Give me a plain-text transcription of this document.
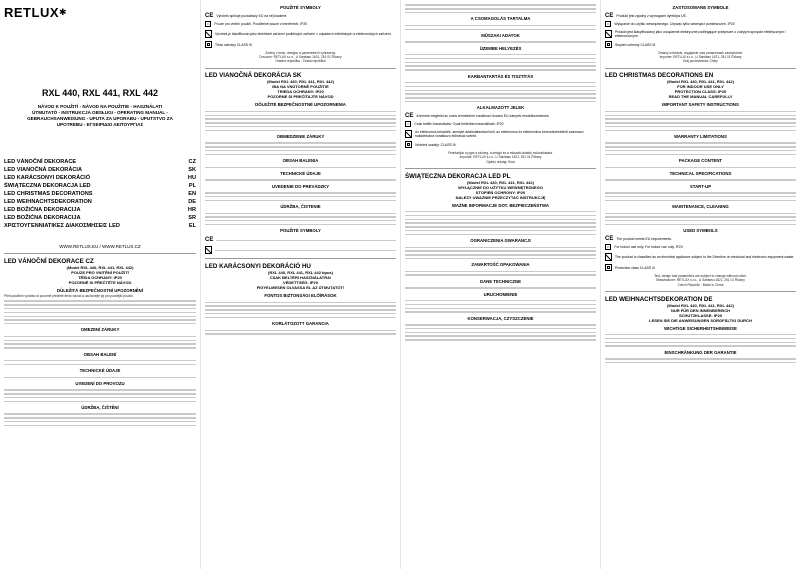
RETLUX✱
RXL 440, RXL 441, RXL 442
NÁVOD K POUŽITÍ - NÁVOD NA POUŽITIE - HASZNÁLATI
ÚTMUTATÓ - INSTRUKCJA OBSŁUGI - OPERATING MANUAL -
GEBRAUCHSANWEISUNG - UPUTA ZA UPORABU - UPUTSTVO ZA
UPOTREBU - ΕΓΧΕΙΡΙΔΙΟ ΛΕΙΤΟΥΡΓΙΑΣ
LED VÁNOČNÍ DEKORACE	CZ
LED VIANOČNÁ DEKORÁCIA	SK
LED KARÁCSONYI DEKORÁCIÓ	HU
ŚWIĄTECZNA DEKORACJA LED	PL
LED CHRISTMAS DECORATIONS	EN
LED WEIHNACHTSDEKORATION	DE
LED BOŽIĆNA DEKORACIJA	HR
LED BOŽIĆNA DEKORACIJA	SR
ΧΡΙΣΤΟΥΓΕΝΝΙΑΤΙΚΕΣ ΔΙΑΚΟΣΜΗΣΕΙΣ LED	EL
WWW.RETLUX.EU / WWW.RETLUX.CZ
LED VÁNOČNÍ DEKORACE CZ
(Model RXL 440, RXL 441, RXL 442)
POUZE PRO VNITŘNÍ POUŽITÍ
TŘÍDA OCHRANY: IP20
POZORNĚ SI PŘEČTĚTE NÁVOD
DŮLEŽITÁ BEZPEČNOSTNÍ UPOZORNĚNÍ
Před použitím výrobku si pozorně přečtěte tento návod a uschovejte jej pro pozdější použití.
OMEZENÍ ZÁRUKY
OBSAH BALENÍ
TECHNICKÉ ÚDAJE
UVEDENÍ DO PROVOZU
ÚDRŽBA, ČIŠTĚNÍ
POUŽITÉ SYMBOLY
CE Výrobek splňuje požadavky EU na něj kladené.
⌂	Pouze pro vnitřní použití. Použitelné pouze v interiérech. IP20
Výrobek je klasifikován jako elektrické zařízení podléhající zařízení v odpadech elektrických a elektronických zařízení.
Třída ochrany CLASS III
Změny v textu, designu a parametrech vyhrazeny.
Dovozce: RETLUX s.r.o., U Sanitasu 1621, 251 01 Říčany
Úradná republika - Česká republika
LED VIANOČNÁ DEKORÁCIA SK
(Model RXL 440, RXL 441, RXL 442)
IBA NA VNÚTORNÉ POUŽITIE
TRIEDA OCHRANY: IP20
POZORNE SI PREČÍTAJTE NÁVOD
DÔLEŽITÉ BEZPEČNOSTNÉ UPOZORNENIA
OBMEDZENIE ZÁRUKY
OBSAH BALENIA
TECHNICKÉ ÚDAJE
UVEDENIE DO PREVÁDZKY
ÚDRŽBA, ČISTENIE
POUŽITÉ SYMBOLY
CE
LED KARÁCSONYI DEKORÁCIÓ HU
(RXL 440, RXL 441, RXL 442 típus)
CSAK BELTÉRI HASZNÁLATRA!
VÉDETTSÉG: IP20
FIGYELMESEN OLVASSA EL AZ ÚTMUTATÓT!
FONTOS BIZTONSÁGI ELŐÍRÁSOK
KORLÁTOZOTT GARANCIA
A CSOMAGOLÁS TARTALMA
MŰSZAKI ADATOK
ÜZEMBE HELYEZÉS
KARBANTARTÁS ÉS TISZTÍTÁS
ALKALMAZOTT JELEK
CE A termék megfelel az uniós termékekre vonatkozó összes EU-irányelv rendelkezéseinek.
⌂	Csak beltéri használatra. Csak beltérben használható. IP20
Az elektromos készülék, amelyet ártalmatlanítani kell, az elektromos és elektronikus berendezésekből származó hulladékokra vonatkozó előírások szerint.
Védelmi osztály: CLASS III
Fenntartjuk a jogot a szöveg, a design és a műszaki adatok módosítására.
Importőr: RETLUX s.r.o., U Sanitasu 1621, 251 01 Říčany
Gyártó ország: Kína
ŚWIĄTECZNA DEKORACJA LED PL
(Model RXL 440, RXL 441, RXL 442)
WYŁĄCZNIE DO UŻYTKU WEWNĘTRZNEGO
STOPIEŃ OCHRONY: IP20
NALEŻY UWAŻNIE PRZECZYTAĆ INSTRUKCJĘ
WAŻNE INFORMACJE DOT. BEZPIECZEŃSTWA
OGRANICZENIA GWARANCJI
ZAWARTOŚĆ OPAKOWANIA
DANE TECHNICZNE
URUCHOMIENIE
KONSERWACJA, CZYSZCZENIE
ZASTOSOWANE SYMBOLE
CE Produkt jest zgodny z wymogami dyrektyw UE.
⌂	Wyłącznie do użytku wewnętrznego. Używać tylko wewnątrz pomieszczeń. IP20
Produkt jest klasyfikowany jako urządzenie elektryczne podlegające przepisom o zużytym sprzęcie elektrycznym i elektronicznym.
Stopień ochrony CLASS III
Zmiany w tekście, wyglądzie oraz parametrach zastrzeżone.
Importer: RETLUX s.r.o., U Sanitasu 1621, 251 01 Říčany
Kraj pochodzenia: Chiny
LED CHRISTMAS DECORATIONS EN
(Model RXL 440, RXL 441, RXL 442)
FOR INDOOR USE ONLY
PROTECTION CLASS: IP20
READ THE MANUAL CAREFULLY
IMPORTANT SAFETY INSTRUCTIONS
WARRANTY LIMITATIONS
PACKAGE CONTENT
TECHNICAL SPECIFICATIONS
START-UP
MAINTENANCE, CLEANING
USED SYMBOLS
CE The product meets EU requirements.
⌂	For indoor use only. For indoor use only. IP20
The product is classified as an electrical appliance subject to the Directive on electrical and electronic equipment waste.
Protection class CLASS III
Text, design and parameters are subject to change without notice.
Manufacturer: RETLUX s.r.o., U Sanitasu 1621, 251 01 Říčany
Czech Republic - Made in China
LED WEIHNACHTSDEKORATION DE
(Model RXL 440, RXL 441, RXL 442)
NUR FÜR DEN INNENBEREICH
SCHUTZKLASSE: IP20
LESEN SIE DIE ANWEISUNGEN SORGFÄLTIG DURCH
WICHTIGE SICHERHEITSHINWEISE
EINSCHRÄNKUNG DER GARANTIE
